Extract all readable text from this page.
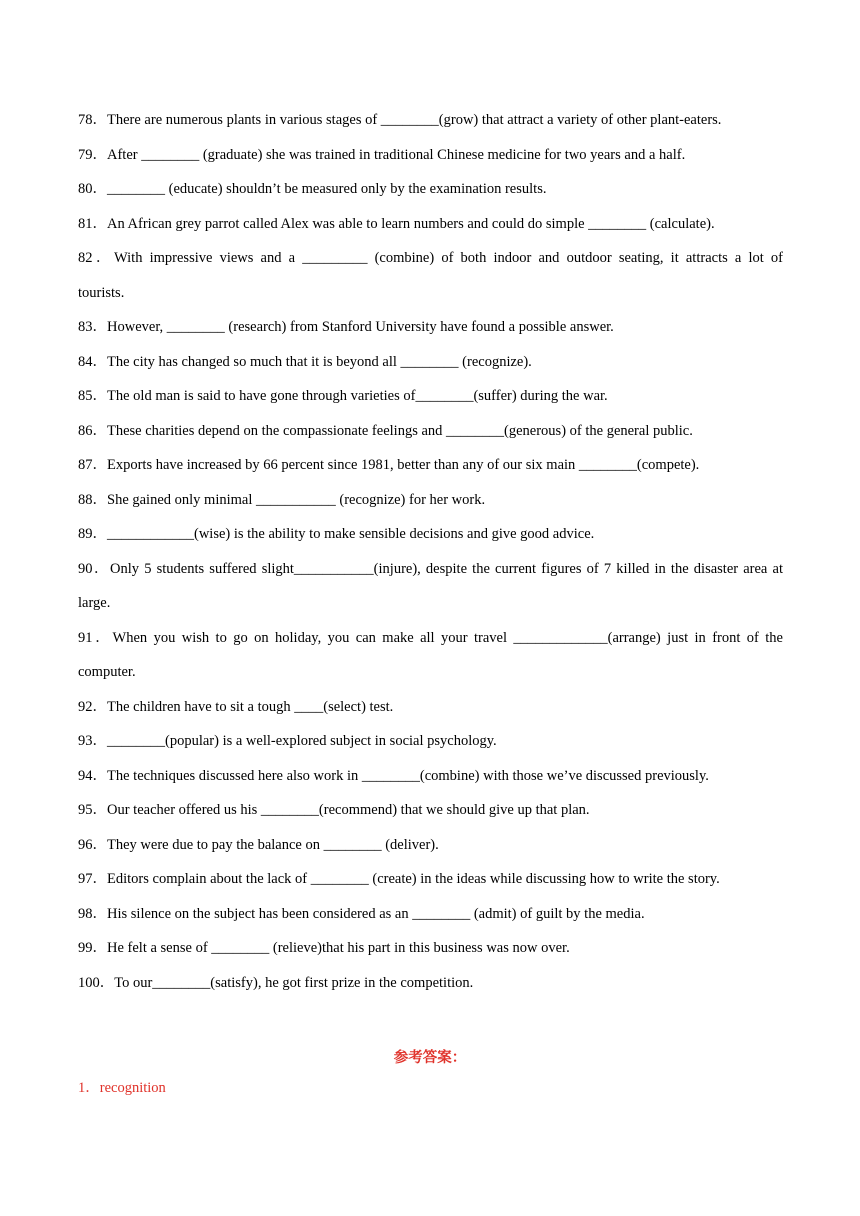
78．There are numerous plants in various stages of ________(grow) that attract a variety of other plant-eaters.
79．After ________ (graduate) she was trained in traditional Chinese medicine for two years and a half.
80．________ (educate) shouldn’t be measured only by the examination results.
81．An African grey parrot called Alex was able to learn numbers and could do simple ________ (calculate).
82．With impressive views and a _________ (combine) of both indoor and outdoor seating, it attracts a lot of
tourists.
83．However, ________ (research) from Stanford University have found a possible answer.
84．The city has changed so much that it is beyond all ________ (recognize).
85．The old man is said to have gone through varieties of________(suffer) during the war.
86．These charities depend on the compassionate feelings and ________(generous) of the general public.
87．Exports have increased by 66 percent since 1981, better than any of our six main ________(compete).
88．She gained only minimal ___________ (recognize) for her work.
89．____________(wise) is the ability to make sensible decisions and give good advice.
90．Only 5 students suffered slight___________(injure), despite the current figures of 7 killed in the disaster area at
large.
91．When you wish to go on holiday, you can make all your travel _____________(arrange) just in front of the
computer.
92．The children have to sit a tough ____(select) test.
93．________(popular) is a well-explored subject in social psychology.
94．The techniques discussed here also work in ________(combine) with those we’ve discussed previously.
95．Our teacher offered us his ________(recommend) that we should give up that plan.
96．They were due to pay the balance on ________ (deliver).
97．Editors complain about the lack of ________ (create) in the ideas while discussing how to write the story.
98．His silence on the subject has been considered as an ________ (admit) of guilt by the media.
99．He felt a sense of ________ (relieve)that his part in this business was now over.
100．To our________(satisfy), he got first prize in the competition.
参考答案：
1．recognition
